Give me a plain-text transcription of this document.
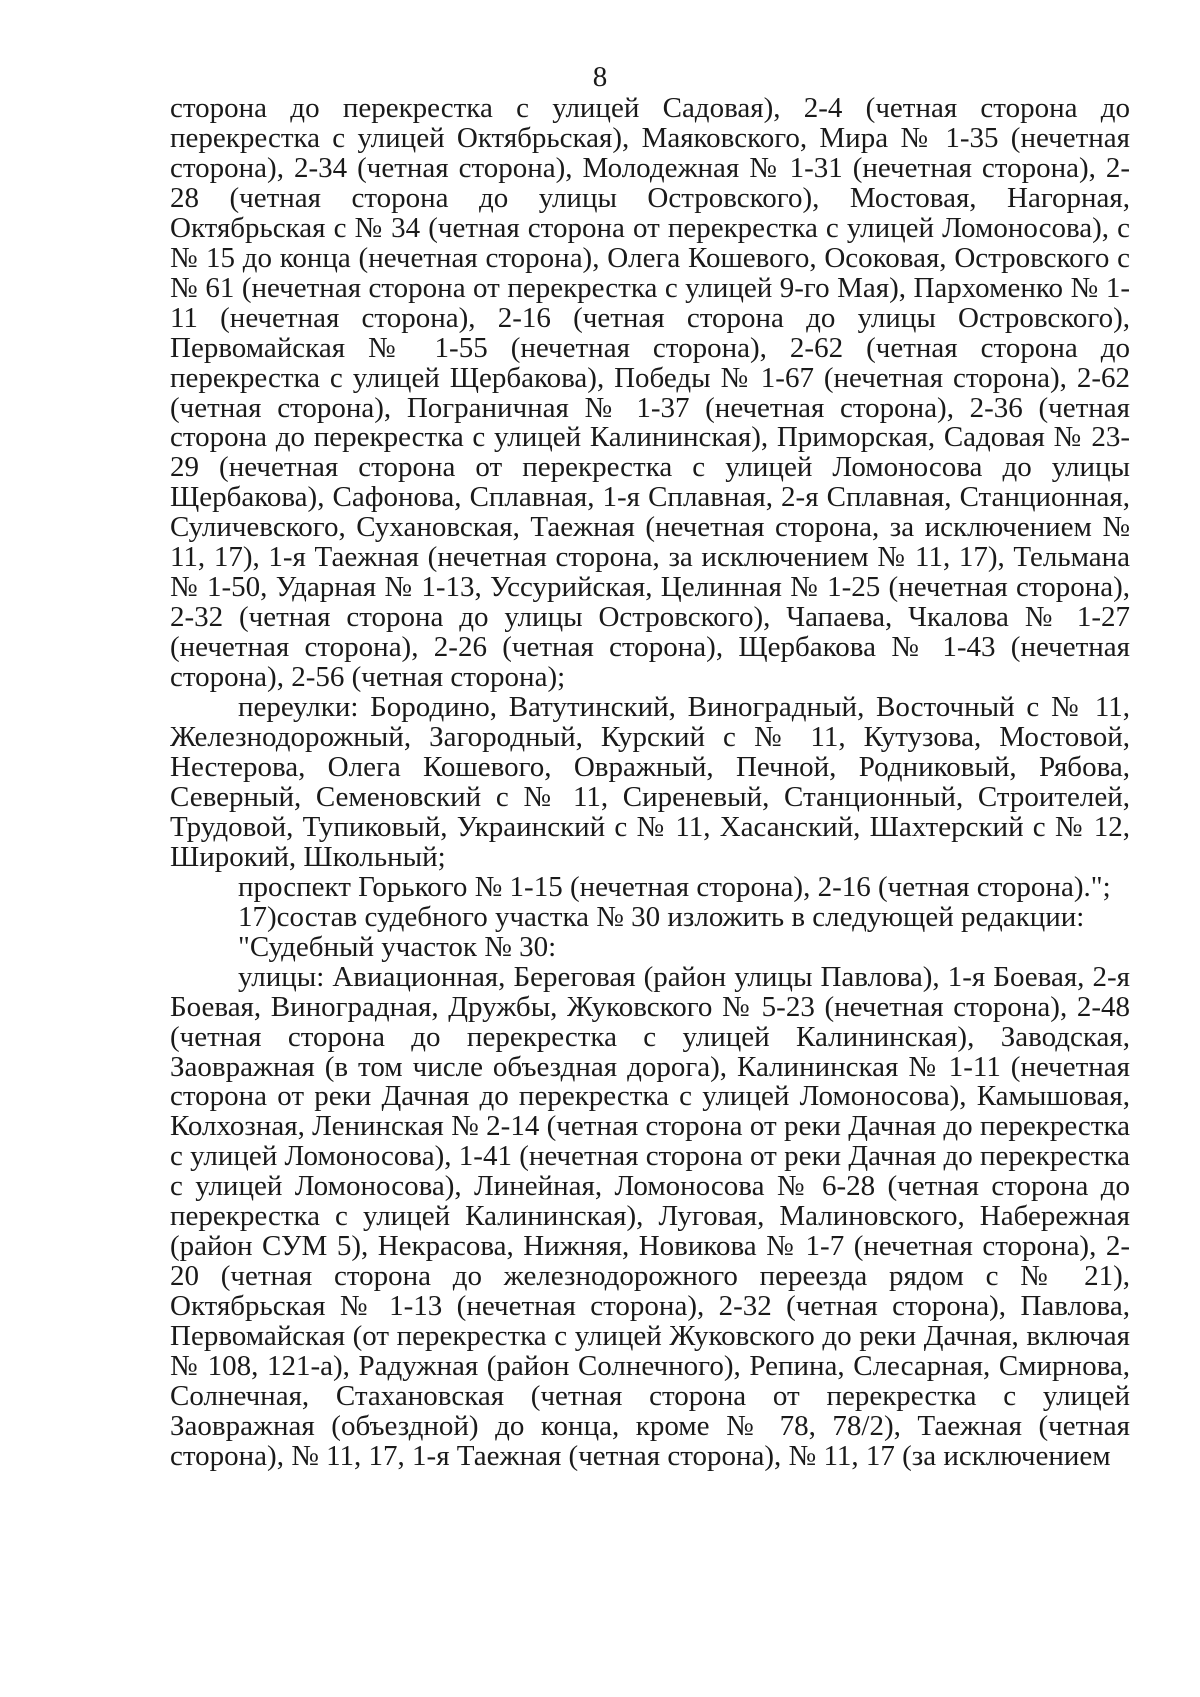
8

сторона до перекрестка с улицей Садовая), 2-4 (четная сторона до перекрестка с улицей Октябрьская), Маяковского, Мира № 1-35 (нечетная сторона), 2-34 (четная сторона), Молодежная № 1-31 (нечетная сторона), 2-28 (четная сторона до улицы Островского), Мостовая, Нагорная, Октябрьская с № 34 (четная сторона от перекрестка с улицей Ломоносова), с № 15 до конца (нечетная сторона), Олега Кошевого, Осоковая, Островского с № 61 (нечетная сторона от перекрестка с улицей 9-го Мая), Пархоменко № 1-11 (нечетная сторона), 2-16 (четная сторона до улицы Островского), Первомайская № 1-55 (нечетная сторона), 2-62 (четная сторона до перекрестка с улицей Щербакова), Победы № 1-67 (нечетная сторона), 2-62 (четная сторона), Пограничная № 1-37 (нечетная сторона), 2-36 (четная сторона до перекрестка с улицей Калининская), Приморская, Садовая № 23-29 (нечетная сторона от перекрестка с улицей Ломоносова до улицы Щербакова), Сафонова, Сплавная, 1-я Сплавная, 2-я Сплавная, Станционная, Суличевского, Сухановская, Таежная (нечетная сторона, за исключением № 11, 17), 1-я Таежная (нечетная сторона, за исключением № 11, 17), Тельмана № 1-50, Ударная № 1-13, Уссурийская, Целинная № 1-25 (нечетная сторона), 2-32 (четная сторона до улицы Островского), Чапаева, Чкалова № 1-27 (нечетная сторона), 2-26 (четная сторона), Щербакова № 1-43 (нечетная сторона), 2-56 (четная сторона);

переулки: Бородино, Ватутинский, Виноградный, Восточный с № 11, Железнодорожный, Загородный, Курский с № 11, Кутузова, Мостовой, Нестерова, Олега Кошевого, Овражный, Печной, Родниковый, Рябова, Северный, Семеновский с № 11, Сиреневый, Станционный, Строителей, Трудовой, Тупиковый, Украинский с № 11, Хасанский, Шахтерский с № 12, Широкий, Школьный;

проспект Горького № 1-15 (нечетная сторона), 2-16 (четная сторона).";

17)состав судебного участка № 30 изложить в следующей редакции:

"Судебный участок № 30:

улицы: Авиационная, Береговая (район улицы Павлова), 1-я Боевая, 2-я Боевая, Виноградная, Дружбы, Жуковского № 5-23 (нечетная сторона), 2-48 (четная сторона до перекрестка с улицей Калининская), Заводская, Заовражная (в том числе объездная дорога), Калининская № 1-11 (нечетная сторона от реки Дачная до перекрестка с улицей Ломоносова), Камышовая, Колхозная, Ленинская № 2-14 (четная сторона от реки Дачная до перекрестка с улицей Ломоносова), 1-41 (нечетная сторона от реки Дачная до перекрестка с улицей Ломоносова), Линейная, Ломоносова № 6-28 (четная сторона до перекрестка с улицей Калининская), Луговая, Малиновского, Набережная (район СУМ 5), Некрасова, Нижняя, Новикова № 1-7 (нечетная сторона), 2-20 (четная сторона до железнодорожного переезда рядом с № 21), Октябрьская № 1-13 (нечетная сторона), 2-32 (четная сторона), Павлова, Первомайская (от перекрестка с улицей Жуковского до реки Дачная, включая № 108, 121-а), Радужная (район Солнечного), Репина, Слесарная, Смирнова, Солнечная, Стахановская (четная сторона от перекрестка с улицей Заовражная (объездной) до конца, кроме № 78, 78/2), Таежная (четная сторона), № 11, 17, 1-я Таежная (четная сторона), № 11, 17 (за исключением
